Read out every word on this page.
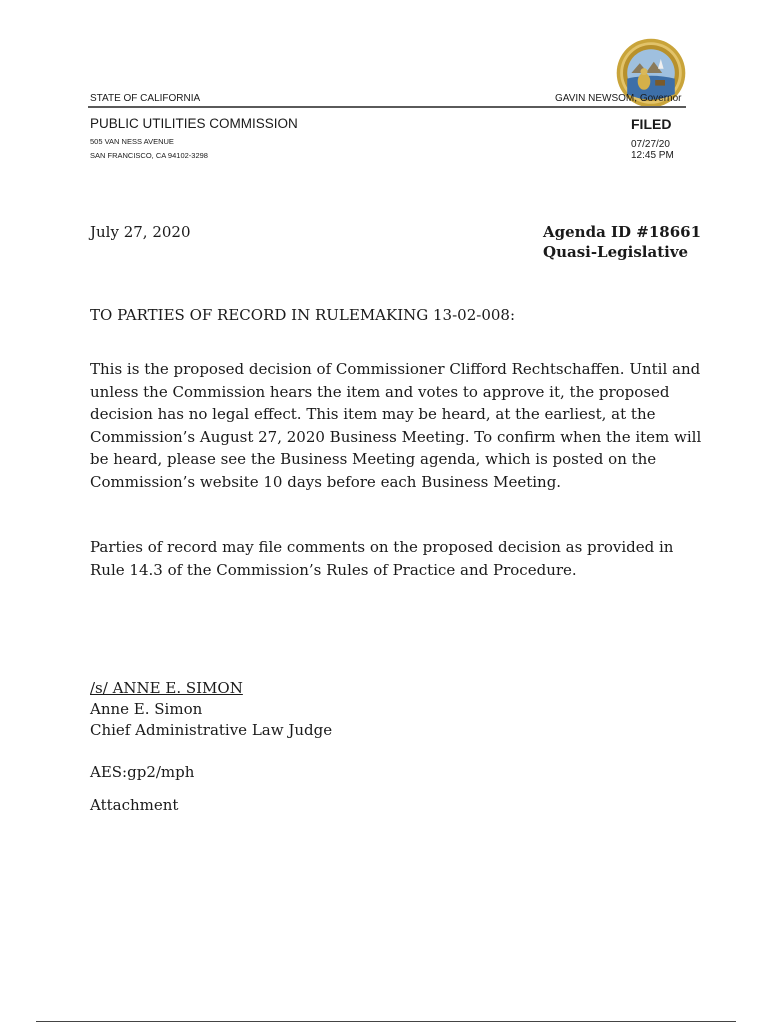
STATE OF CALIFORNIA	GAVIN NEWSOM, Governor
PUBLIC UTILITIES COMMISSION
505 VAN NESS AVENUE
SAN FRANCISCO, CA 94102-3298
FILED
07/27/20
12:45 PM
July 27, 2020	Agenda ID #18661
Quasi-Legislative
TO PARTIES OF RECORD IN RULEMAKING 13-02-008:
This is the proposed decision of Commissioner Clifford Rechtschaffen. Until and
unless the Commission hears the item and votes to approve it, the proposed
decision has no legal effect. This item may be heard, at the earliest, at the
Commission’s August 27, 2020 Business Meeting. To confirm when the item will
be heard, please see the Business Meeting agenda, which is posted on the
Commission’s website 10 days before each Business Meeting.
Parties of record may file comments on the proposed decision as provided in
Rule 14.3 of the Commission’s Rules of Practice and Procedure.
/s/ ANNE E. SIMON
Anne E. Simon
Chief Administrative Law Judge
AES:gp2/mph
Attachment
